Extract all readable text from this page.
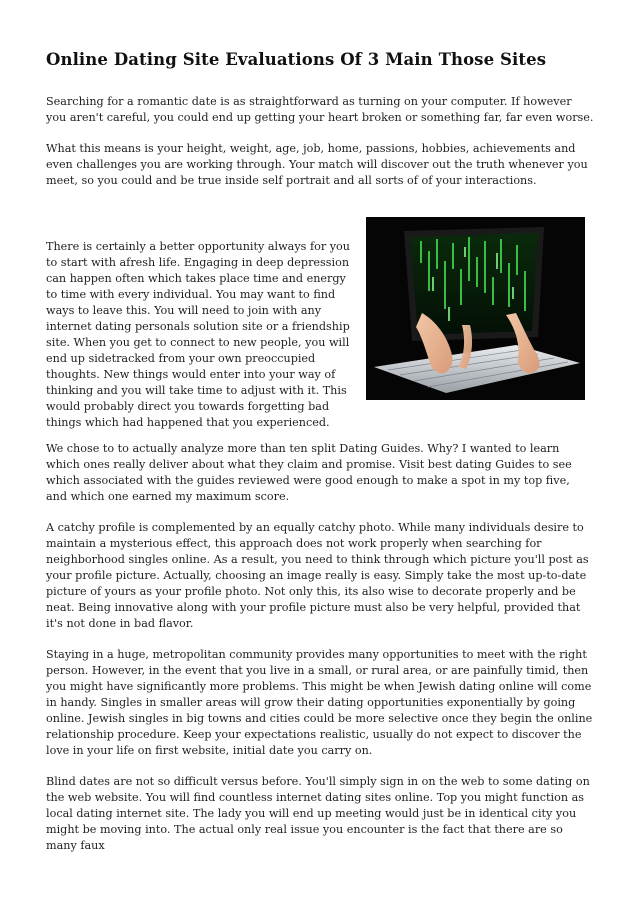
Online Dating Site Evaluations Of 3 Main Those Sites

Searching for a romantic date is as straightforward as turning on your computer. If however you aren't careful, you could end up getting your heart broken or something far, far even worse.

What this means is your height, weight, age, job, home, passions, hobbies, achievements and even challenges you are working through. Your match will discover out the truth whenever you meet, so you could and be true inside self portrait and all sorts of of your interactions.

There is certainly a better opportunity always for you to start with afresh life. Engaging in deep depression can happen often which takes place time and energy to time with every individual. You may want to find ways to leave this. You will need to join with any internet dating personals solution site or a friendship site. When you get to connect to new people, you will end up sidetracked from your own preoccupied thoughts. New things would enter into your way of thinking and you will take time to adjust with it. This would probably direct you towards forgetting bad things which had happened that you experienced.

We chose to to actually analyze more than ten split Dating Guides. Why? I wanted to learn which ones really deliver about what they claim and promise. Visit best dating Guides to see which associated with the guides reviewed were good enough to make a spot in my top five, and which one earned my maximum score.

A catchy profile is complemented by an equally catchy photo. While many individuals desire to maintain a mysterious effect, this approach does not work properly when searching for neighborhood singles online. As a result, you need to think through which picture you'll post as your profile picture. Actually, choosing an image really is easy. Simply take the most up-to-date picture of yours as your profile photo. Not only this, its also wise to decorate properly and be neat. Being innovative along with your profile picture must also be very helpful, provided that it's not done in bad flavor.

Staying in a huge, metropolitan community provides many opportunities to meet with the right person. However, in the event that you live in a small, or rural area, or are painfully timid, then you might have significantly more problems. This might be when Jewish dating online will come in handy. Singles in smaller areas will grow their dating opportunities exponentially by going online. Jewish singles in big towns and cities could be more selective once they begin the online relationship procedure. Keep your expectations realistic, usually do not expect to discover the love in your life on first website, initial date you carry on.

Blind dates are not so difficult versus before. You'll simply sign in on the web to some dating on the web website. You will find countless internet dating sites online. Top you might function as local dating internet site. The lady you will end up meeting would just be in identical city you might be moving into. The actual only real issue you encounter is the fact that there are so many faux
